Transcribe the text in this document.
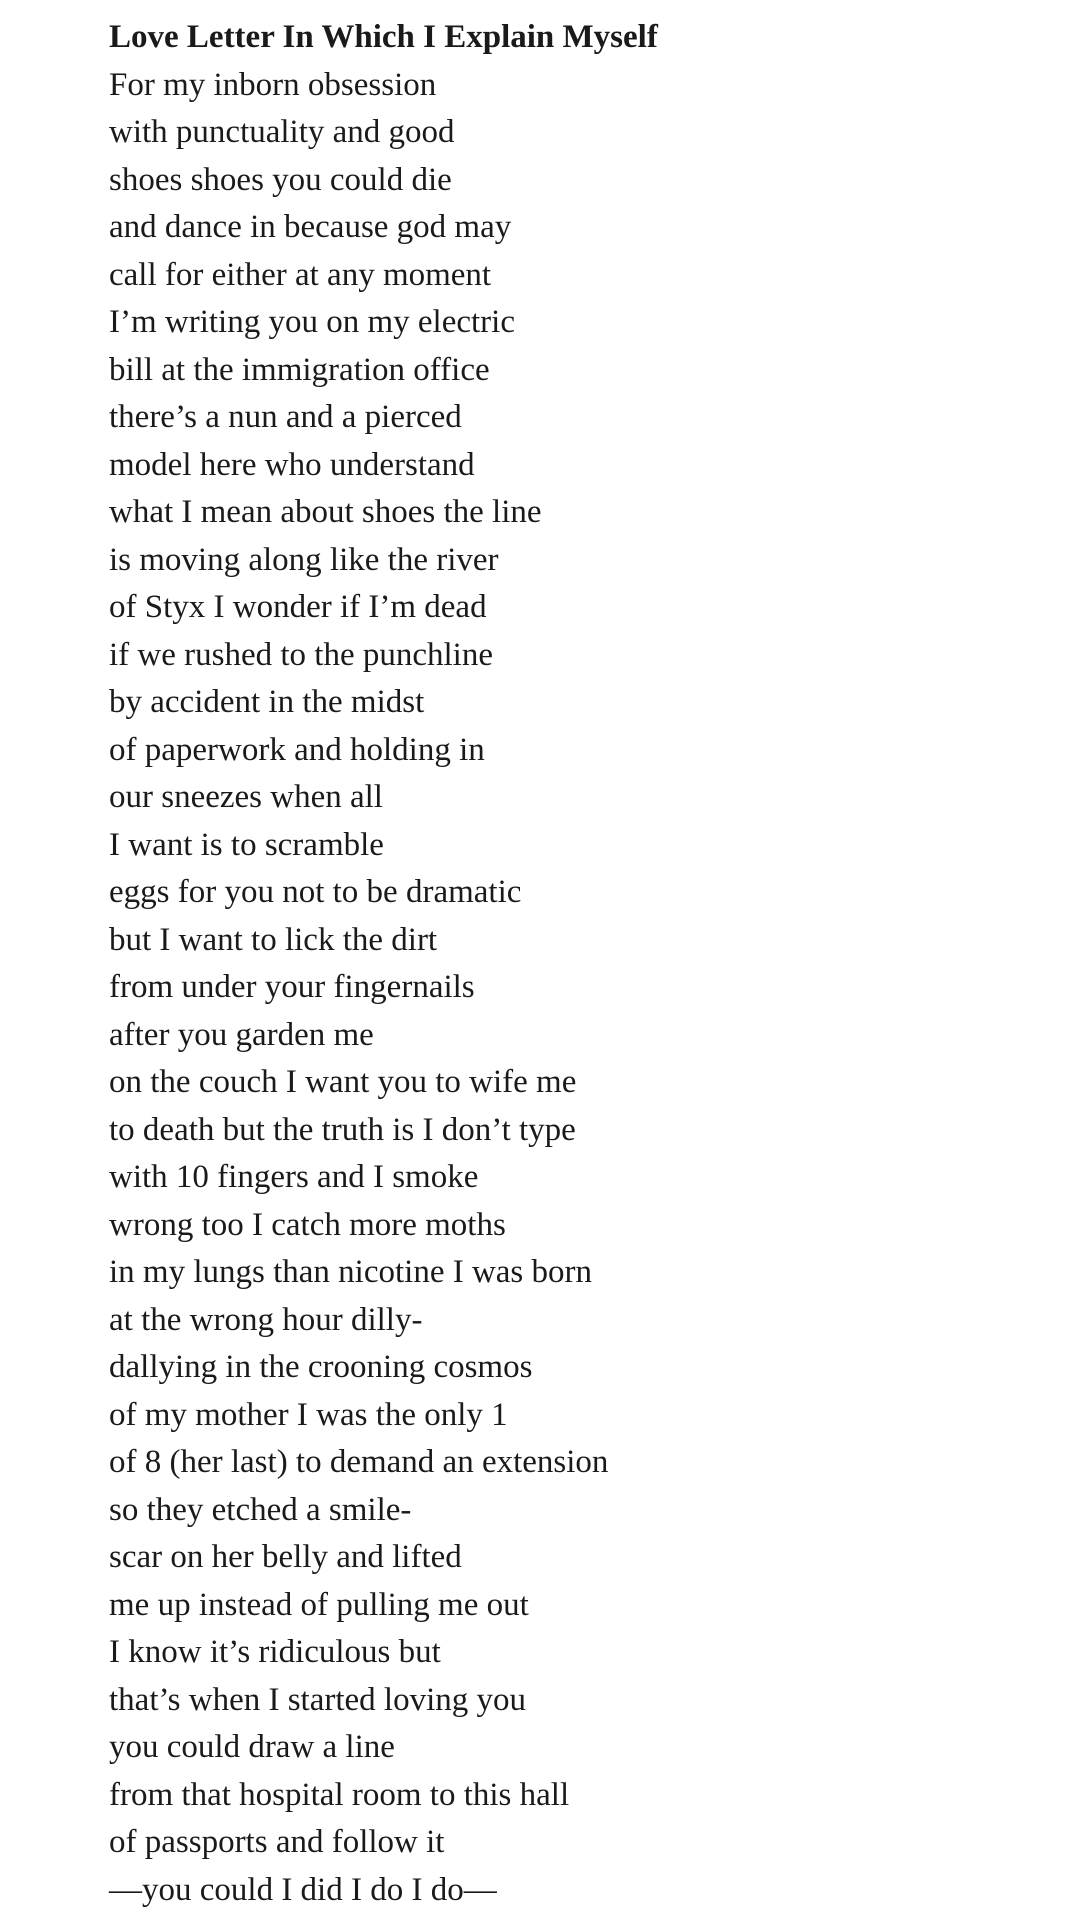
Love Letter In Which I Explain Myself
For my inborn obsession
with punctuality and good
shoes shoes you could die
and dance in because god may
call for either at any moment
I’m writing you on my electric
bill at the immigration office
there’s a nun and a pierced
model here who understand
what I mean about shoes the line
is moving along like the river
of Styx I wonder if I’m dead
if we rushed to the punchline
by accident in the midst
of paperwork and holding in
our sneezes when all
I want is to scramble
eggs for you not to be dramatic
but I want to lick the dirt
from under your fingernails
after you garden me
on the couch I want you to wife me
to death but the truth is I don’t type
with 10 fingers and I smoke
wrong too I catch more moths
in my lungs than nicotine I was born
at the wrong hour dilly-
dallying in the crooning cosmos
of my mother I was the only 1
of 8 (her last) to demand an extension
so they etched a smile-
scar on her belly and lifted
me up instead of pulling me out
I know it’s ridiculous but
that’s when I started loving you
you could draw a line
from that hospital room to this hall
of passports and follow it
—you could I did I do I do—
